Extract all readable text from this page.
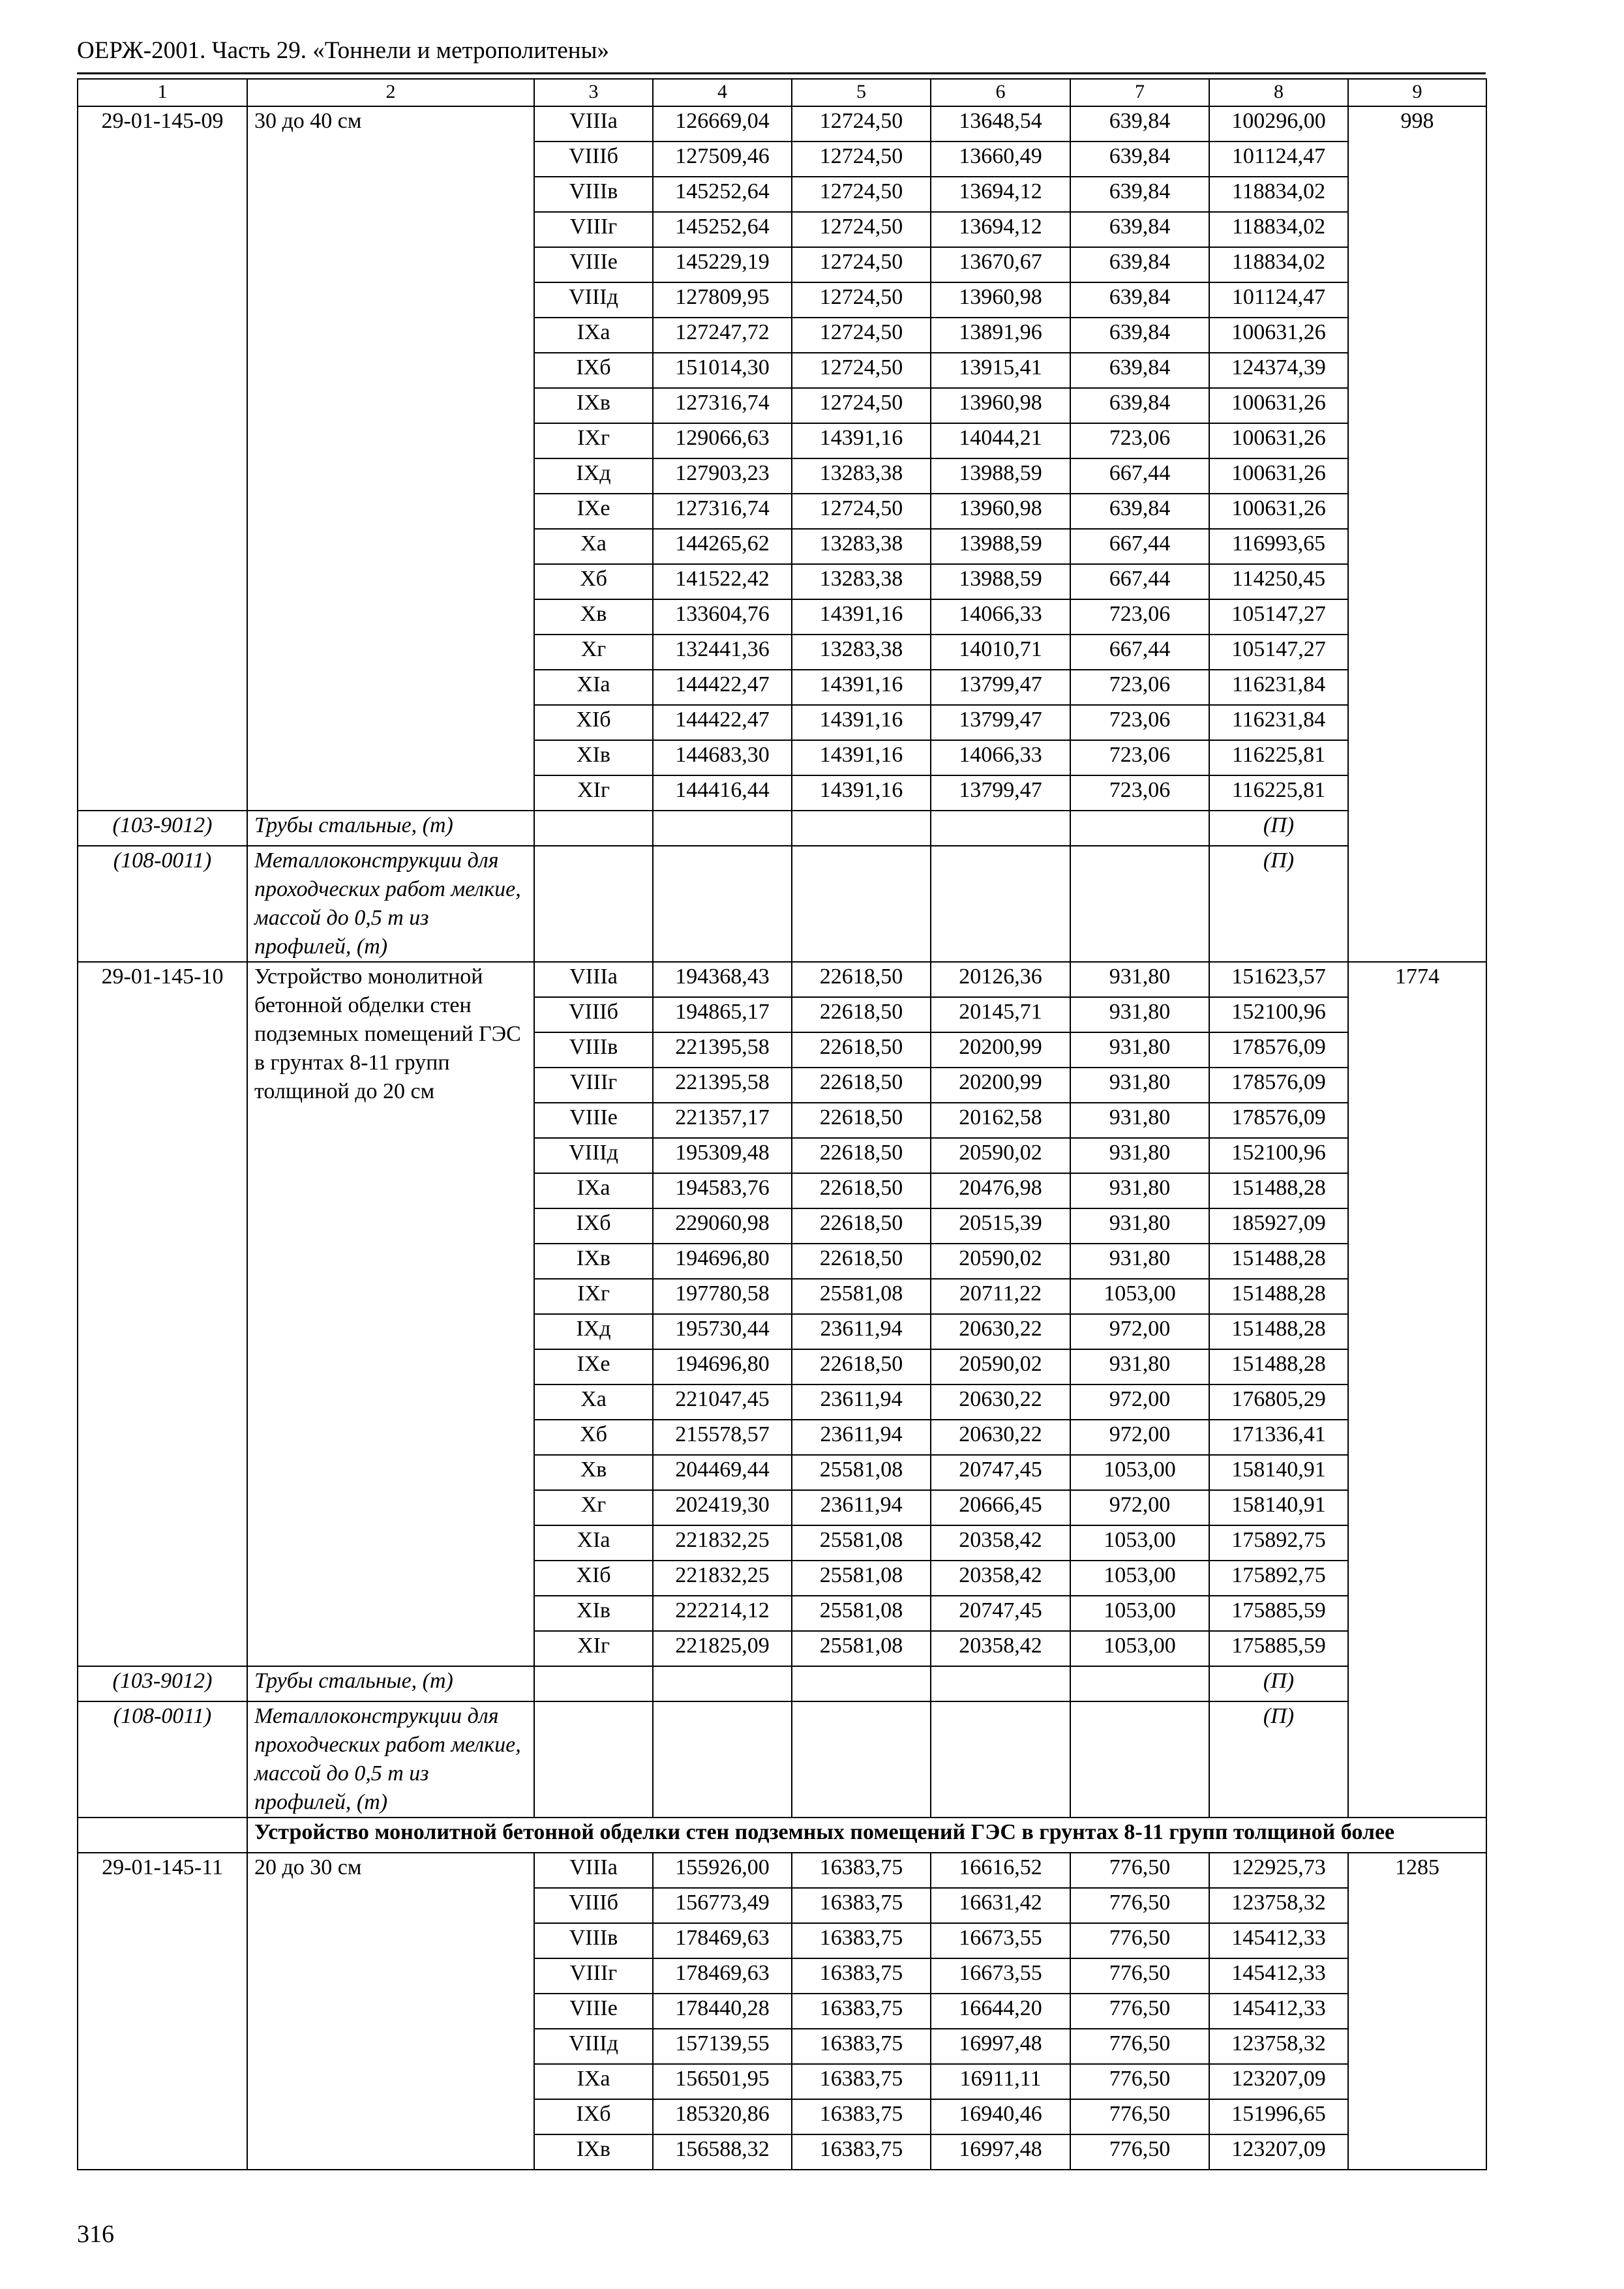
ОЕРЖ-2001. Часть 29. «Тоннели и метрополитены»
1	2	3	4	5	6	7	8	9
29-01-145-09	30 до 40 см	VIIIа	126669,04	12724,50	13648,54	639,84	100296,00	998
		VIIIб	127509,46	12724,50	13660,49	639,84	101124,47	
		VIIIв	145252,64	12724,50	13694,12	639,84	118834,02	
		VIIIг	145252,64	12724,50	13694,12	639,84	118834,02	
		VIIIе	145229,19	12724,50	13670,67	639,84	118834,02	
		VIIIд	127809,95	12724,50	13960,98	639,84	101124,47	
		IXа	127247,72	12724,50	13891,96	639,84	100631,26	
		IXб	151014,30	12724,50	13915,41	639,84	124374,39	
		IXв	127316,74	12724,50	13960,98	639,84	100631,26	
		IXг	129066,63	14391,16	14044,21	723,06	100631,26	
		IXд	127903,23	13283,38	13988,59	667,44	100631,26	
		IXе	127316,74	12724,50	13960,98	639,84	100631,26	
		Xа	144265,62	13283,38	13988,59	667,44	116993,65	
		Xб	141522,42	13283,38	13988,59	667,44	114250,45	
		Xв	133604,76	14391,16	14066,33	723,06	105147,27	
		Xг	132441,36	13283,38	14010,71	667,44	105147,27	
		XIа	144422,47	14391,16	13799,47	723,06	116231,84	
		XIб	144422,47	14391,16	13799,47	723,06	116231,84	
		XIв	144683,30	14391,16	14066,33	723,06	116225,81	
		XIг	144416,44	14391,16	13799,47	723,06	116225,81	
(103-9012)	Трубы стальные, (т)						(П)	
(108-0011)	Металлоконструкции для проходческих работ мелкие, массой до 0,5 т из профилей, (т)						(П)	
29-01-145-10	Устройство монолитной бетонной обделки стен подземных помещений ГЭС в грунтах 8-11 групп толщиной до 20 см	VIIIа	194368,43	22618,50	20126,36	931,80	151623,57	1774
		VIIIб	194865,17	22618,50	20145,71	931,80	152100,96	
		VIIIв	221395,58	22618,50	20200,99	931,80	178576,09	
		VIIIг	221395,58	22618,50	20200,99	931,80	178576,09	
		VIIIе	221357,17	22618,50	20162,58	931,80	178576,09	
		VIIIд	195309,48	22618,50	20590,02	931,80	152100,96	
		IXа	194583,76	22618,50	20476,98	931,80	151488,28	
		IXб	229060,98	22618,50	20515,39	931,80	185927,09	
		IXв	194696,80	22618,50	20590,02	931,80	151488,28	
		IXг	197780,58	25581,08	20711,22	1053,00	151488,28	
		IXд	195730,44	23611,94	20630,22	972,00	151488,28	
		IXе	194696,80	22618,50	20590,02	931,80	151488,28	
		Xа	221047,45	23611,94	20630,22	972,00	176805,29	
		Xб	215578,57	23611,94	20630,22	972,00	171336,41	
		Xв	204469,44	25581,08	20747,45	1053,00	158140,91	
		Xг	202419,30	23611,94	20666,45	972,00	158140,91	
		XIа	221832,25	25581,08	20358,42	1053,00	175892,75	
		XIб	221832,25	25581,08	20358,42	1053,00	175892,75	
		XIв	222214,12	25581,08	20747,45	1053,00	175885,59	
		XIг	221825,09	25581,08	20358,42	1053,00	175885,59	
(103-9012)	Трубы стальные, (т)						(П)	
(108-0011)	Металлоконструкции для проходческих работ мелкие, массой до 0,5 т из профилей, (т)						(П)	
	Устройство монолитной бетонной обделки стен подземных помещений ГЭС в грунтах 8-11 групп толщиной более							
29-01-145-11	20 до 30 см	VIIIа	155926,00	16383,75	16616,52	776,50	122925,73	1285
		VIIIб	156773,49	16383,75	16631,42	776,50	123758,32	
		VIIIв	178469,63	16383,75	16673,55	776,50	145412,33	
		VIIIг	178469,63	16383,75	16673,55	776,50	145412,33	
		VIIIе	178440,28	16383,75	16644,20	776,50	145412,33	
		VIIIд	157139,55	16383,75	16997,48	776,50	123758,32	
		IXа	156501,95	16383,75	16911,11	776,50	123207,09	
		IXб	185320,86	16383,75	16940,46	776,50	151996,65	
		IXв	156588,32	16383,75	16997,48	776,50	123207,09	
316
